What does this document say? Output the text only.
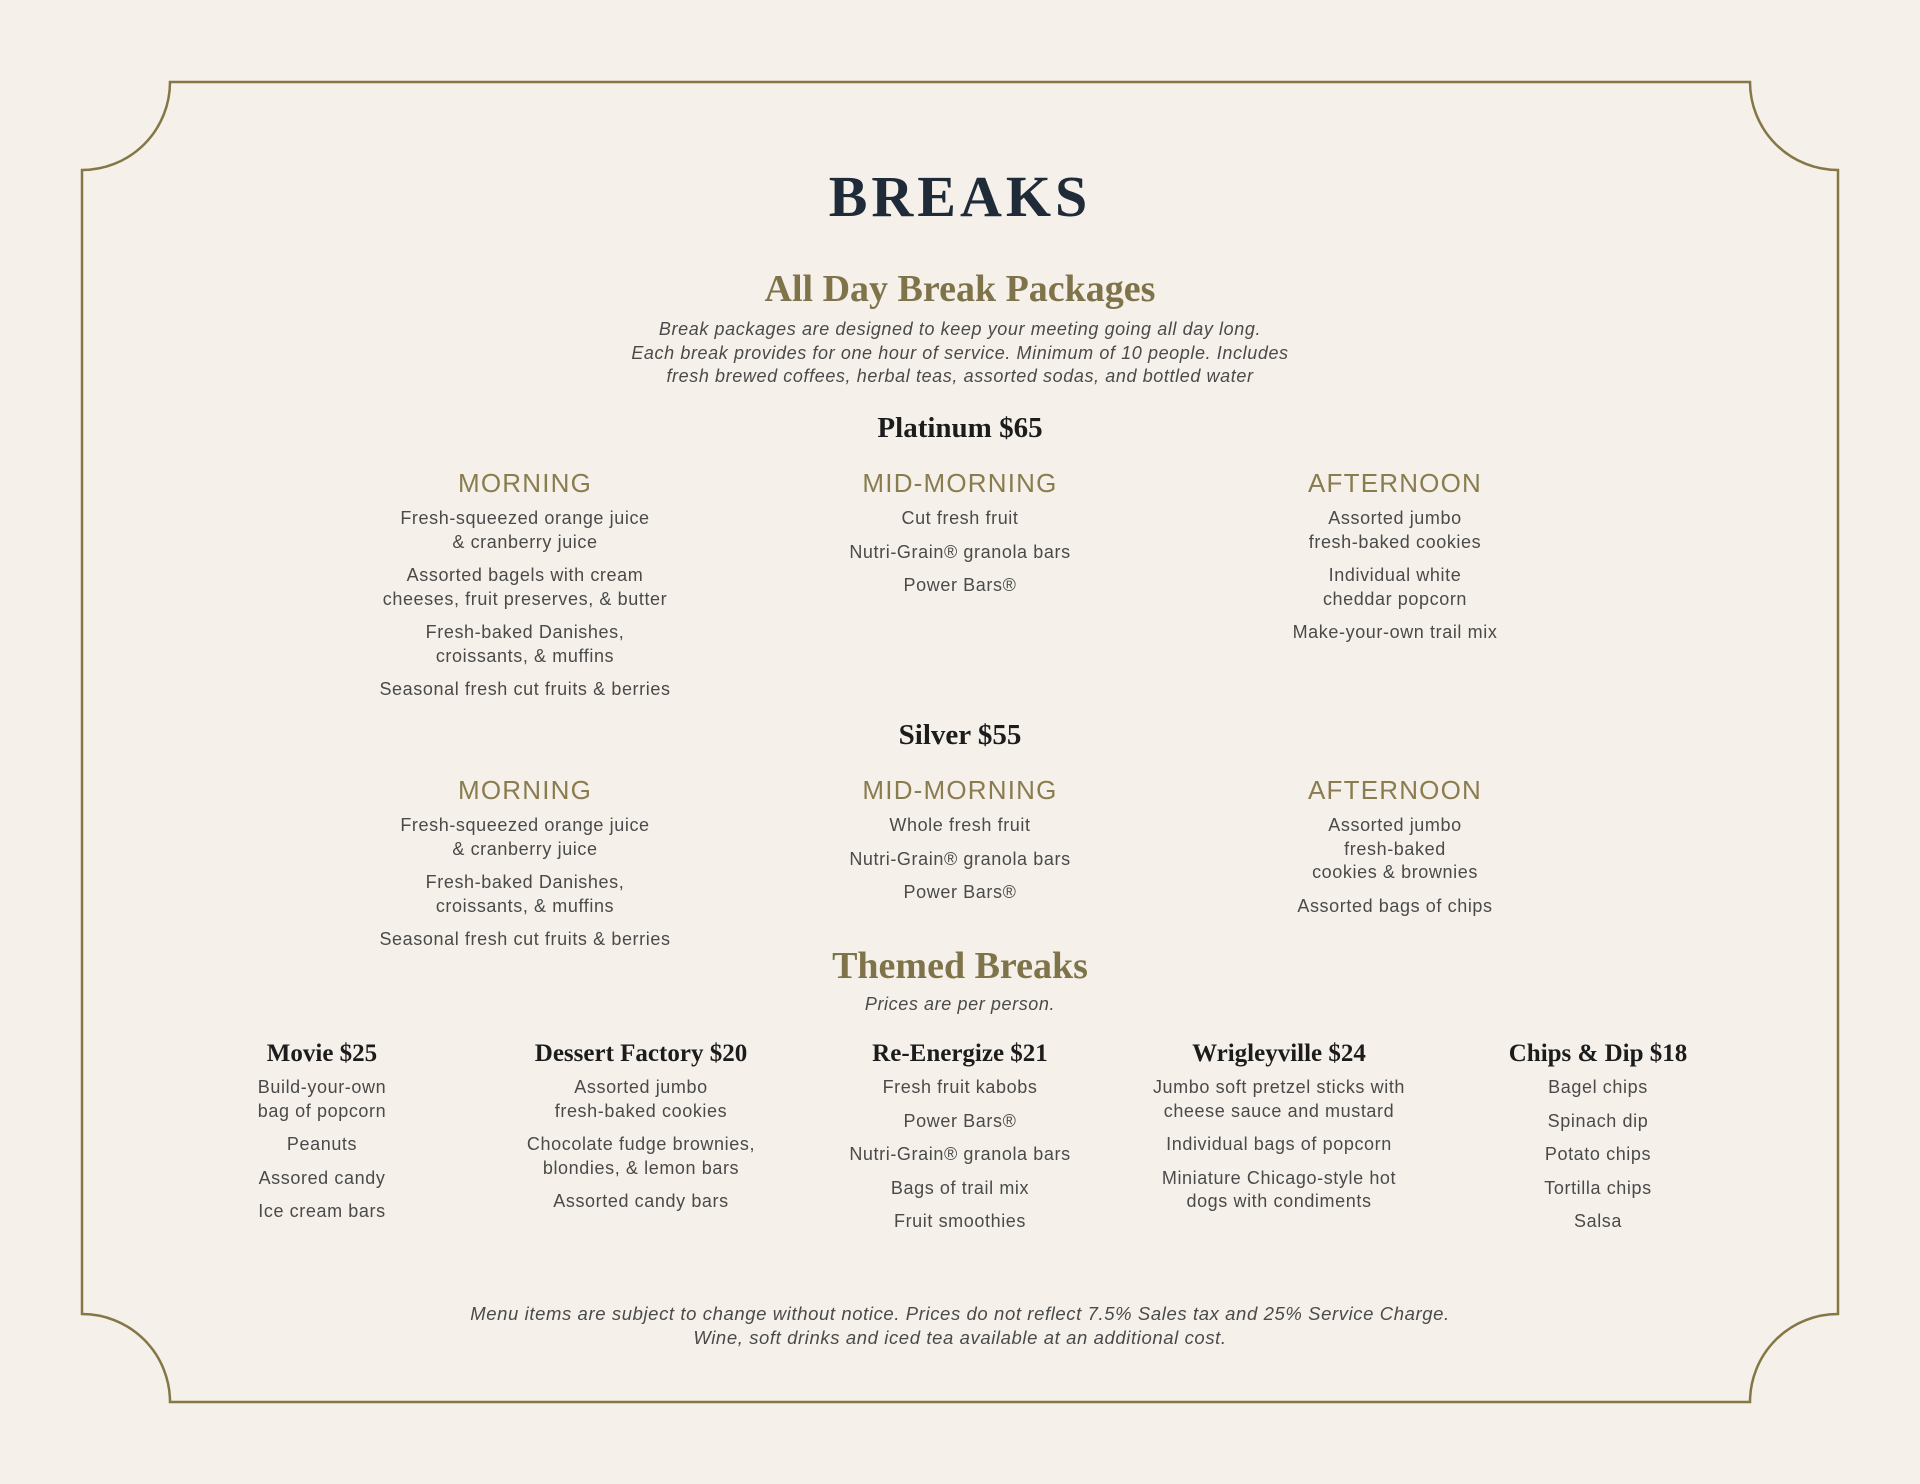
BREAKS
All Day Break Packages
Break packages are designed to keep your meeting going all day long.
Each break provides for one hour of service. Minimum of 10 people. Includes
fresh brewed coffees, herbal teas, assorted sodas, and bottled water
Platinum $65
MORNING
Fresh-squeezed orange juice
& cranberry juice
Assorted bagels with cream
cheeses, fruit preserves, & butter
Fresh-baked Danishes,
croissants, & muffins
Seasonal fresh cut fruits & berries
MID-MORNING
Cut fresh fruit
Nutri-Grain® granola bars
Power Bars®
AFTERNOON
Assorted jumbo
fresh-baked cookies
Individual white
cheddar popcorn
Make-your-own trail mix
Silver $55
MORNING
Fresh-squeezed orange juice
& cranberry juice
Fresh-baked Danishes,
croissants, & muffins
Seasonal fresh cut fruits & berries
MID-MORNING
Whole fresh fruit
Nutri-Grain® granola bars
Power Bars®
AFTERNOON
Assorted jumbo
fresh-baked
cookies & brownies
Assorted bags of chips
Themed Breaks
Prices are per person.
Movie $25
Build-your-own
bag of popcorn
Peanuts
Assored candy
Ice cream bars
Dessert Factory $20
Assorted jumbo
fresh-baked cookies
Chocolate fudge brownies,
blondies, & lemon bars
Assorted candy bars
Re-Energize $21
Fresh fruit kabobs
Power Bars®
Nutri-Grain® granola bars
Bags of trail mix
Fruit smoothies
Wrigleyville $24
Jumbo soft pretzel sticks with
cheese sauce and mustard
Individual bags of popcorn
Miniature Chicago-style hot
dogs with condiments
Chips & Dip $18
Bagel chips
Spinach dip
Potato chips
Tortilla chips
Salsa
Menu items are subject to change without notice. Prices do not reflect 7.5% Sales tax and 25% Service Charge.
Wine, soft drinks and iced tea available at an additional cost.
